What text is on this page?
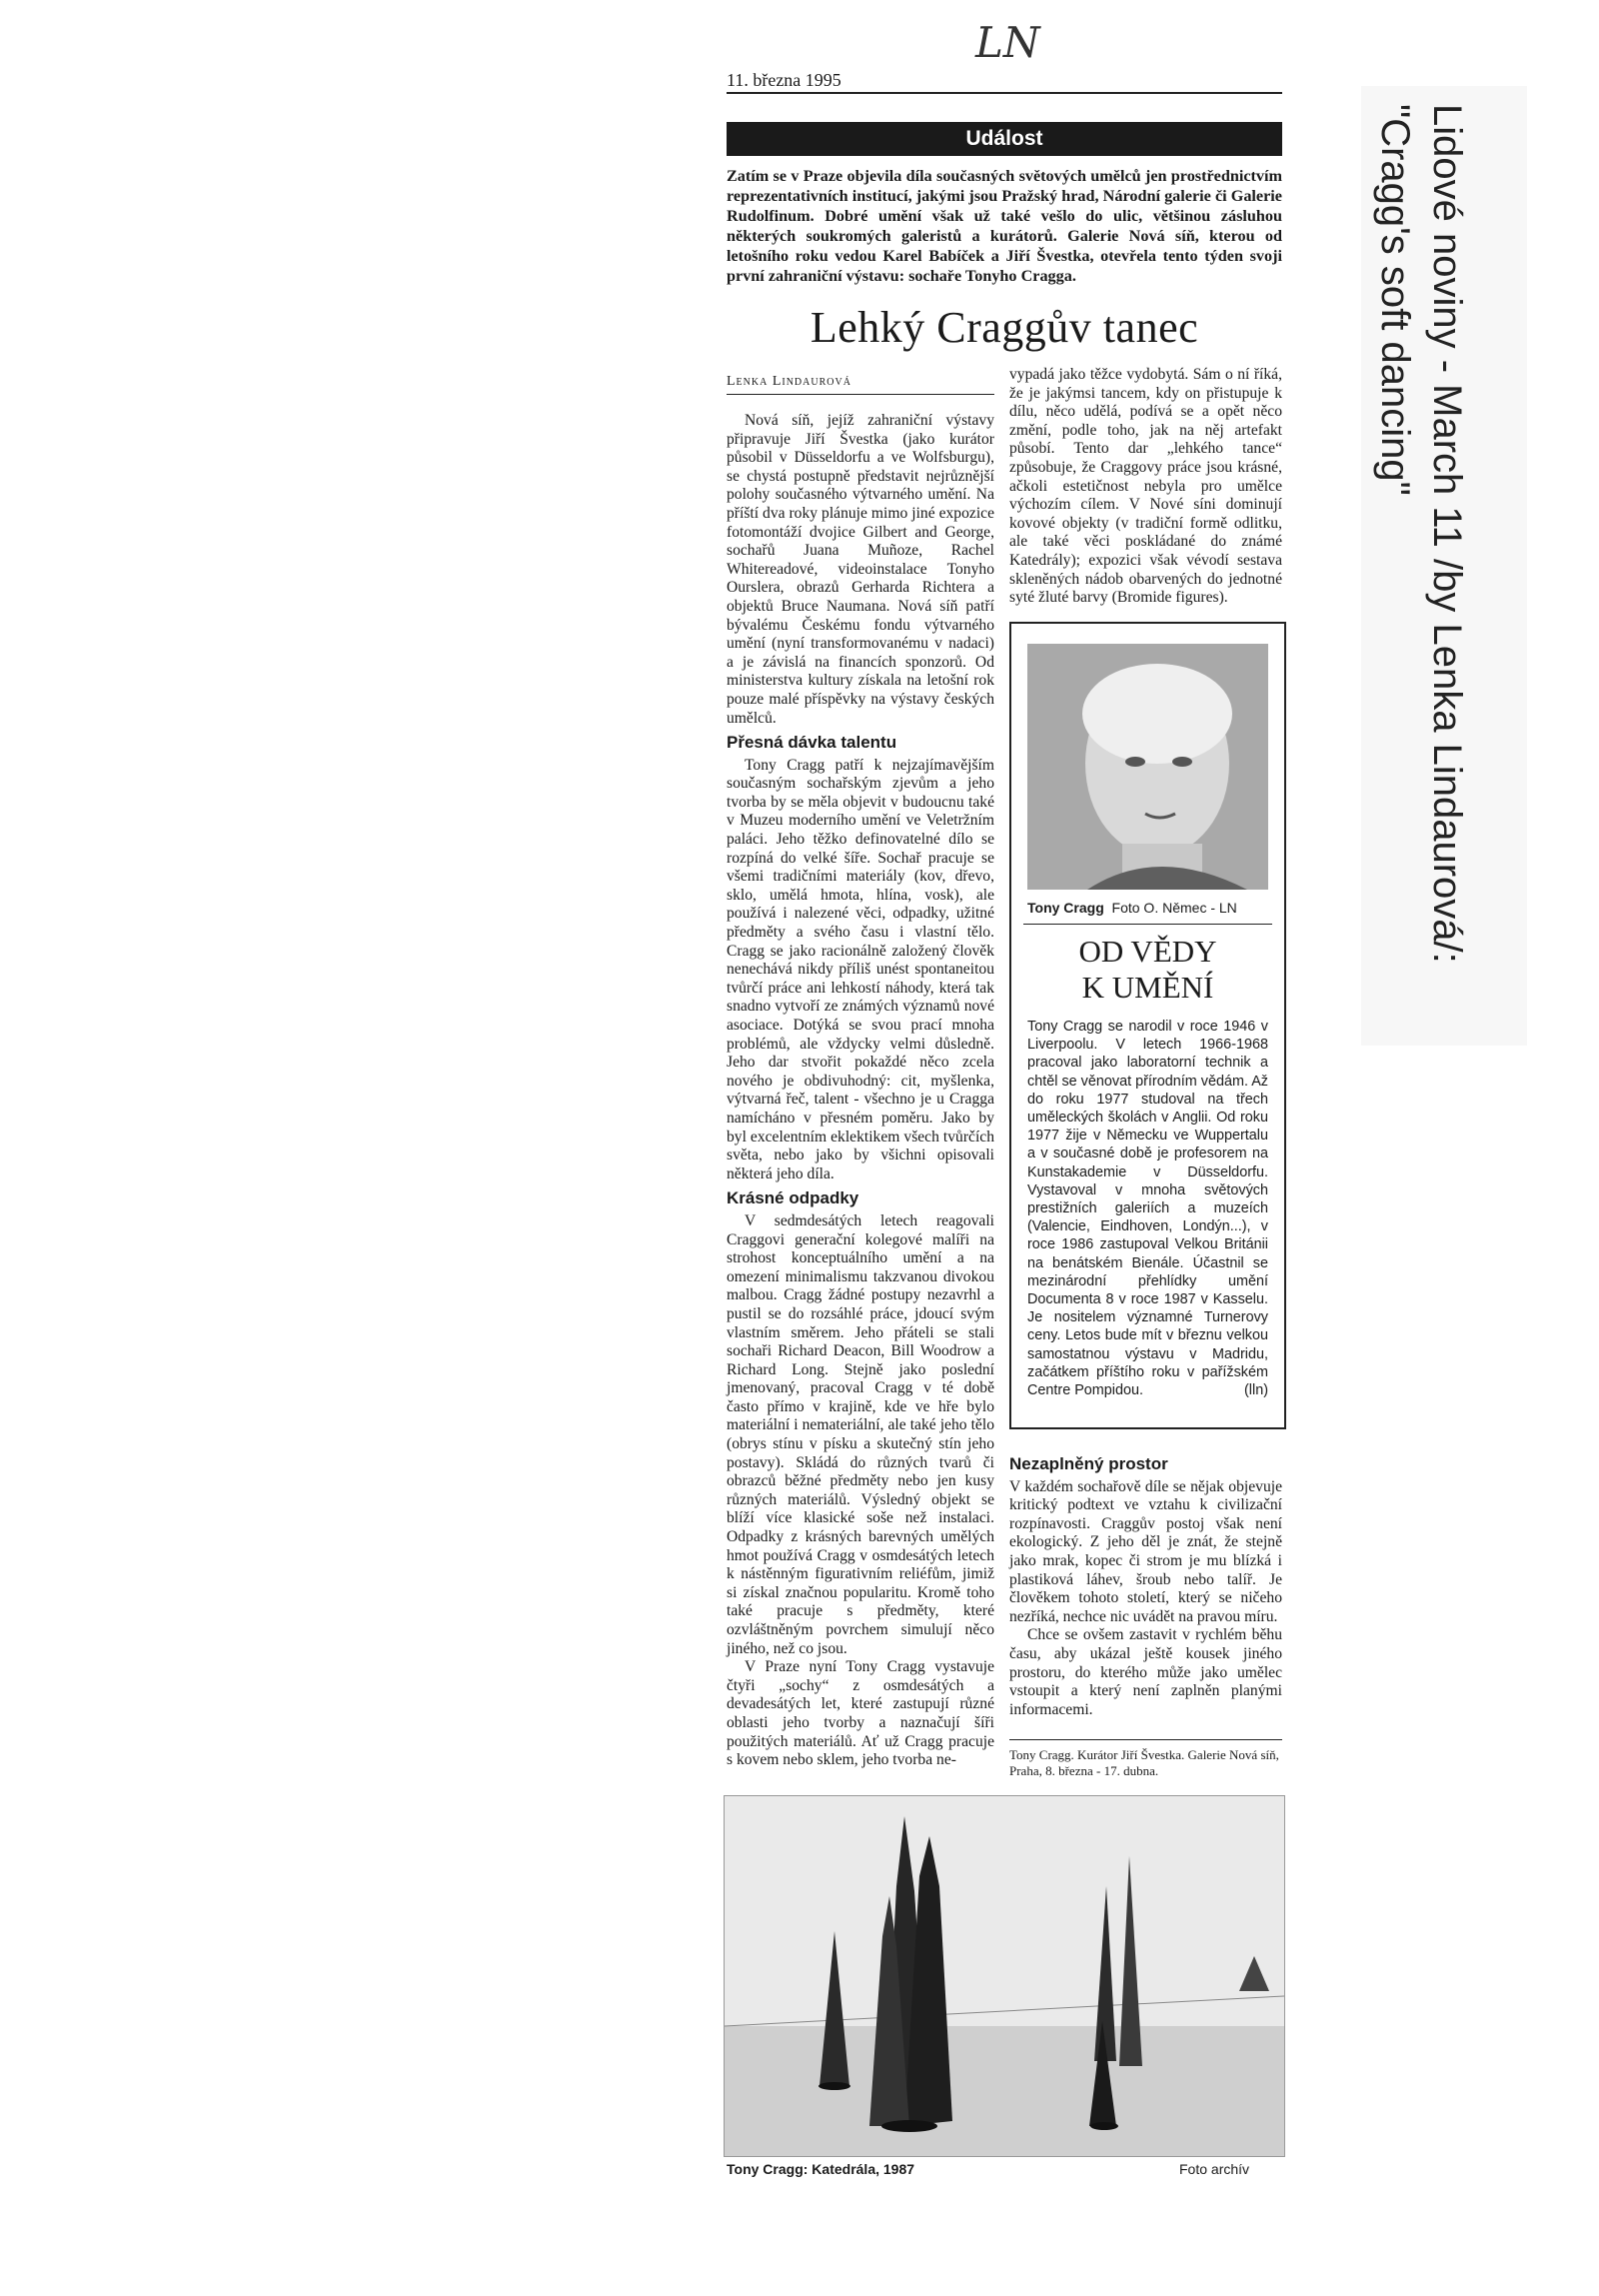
LN
11. března 1995
Událost
Zatím se v Praze objevila díla současných světových umělců jen prostřednictvím reprezentativních institucí, jakými jsou Pražský hrad, Národní galerie či Galerie Rudolfinum. Dobré umění však už také vešlo do ulic, většinou zásluhou některých soukromých galeristů a kurátorů. Galerie Nová síň, kterou od letošního roku vedou Karel Babíček a Jiří Švestka, otevřela tento týden svoji první zahraniční výstavu: sochaře Tonyho Cragga.
Lehký Craggův tanec
Lenka Lindaurová

Nová síň, jejíž zahraniční výstavy připravuje Jiří Švestka (jako kurátor působil v Düsseldorfu a ve Wolfsburgu), se chystá postupně představit nejrůznější polohy současného výtvarného umění. Na příští dva roky plánuje mimo jiné expozice fotomontáží dvojice Gilbert and George, sochařů Juana Muñoze, Rachel Whitereadové, videoinstalace Tonyho Ourslera, obrazů Gerharda Richtera a objektů Bruce Naumana. Nová síň patří bývalému Českému fondu výtvarného umění (nyní transformovanému v nadaci) a je závislá na financích sponzorů. Od ministerstva kultury získala na letošní rok pouze malé příspěvky na výstavy českých umělců.

Přesná dávka talentu

Tony Cragg patří k nejzajímavějším současným sochařským zjevům a jeho tvorba by se měla objevit v budoucnu také v Muzeu moderního umění ve Veletržním paláci. Jeho těžko definovatelné dílo se rozpíná do velké šíře. Sochař pracuje se všemi tradičními materiály (kov, dřevo, sklo, umělá hmota, hlína, vosk), ale používá i nalezené věci, odpadky, užitné předměty a svého času i vlastní tělo. Cragg se jako racionálně založený člověk nenechává nikdy příliš unést spontaneitou tvůrčí práce ani lehkostí náhody, která tak snadno vytvoří ze známých významů nové asociace. Dotýká se svou prací mnoha problémů, ale vždycky velmi důsledně. Jeho dar stvořit pokaždé něco zcela nového je obdivuhodný: cit, myšlenka, výtvarná řeč, talent - všechno je u Cragga namícháno v přesném poměru. Jako by byl excelentním eklektikem všech tvůrčích světa, nebo jako by všichni opisovali některá jeho díla.

Krásné odpadky

V sedmdesátých letech reagovali Craggovi generační kolegové malíři na strohost konceptuálního umění a na omezení minimalismu takzvanou divokou malbou. Cragg žádné postupy nezavrhl a pustil se do rozsáhlé práce, jdoucí svým vlastním směrem. Jeho přáteli se stali sochaři Richard Deacon, Bill Woodrow a Richard Long. Stejně jako poslední jmenovaný, pracoval Cragg v té době často přímo v krajině, kde ve hře bylo materiální i nemateriální, ale také jeho tělo (obrys stínu v písku a skutečný stín jeho postavy). Skládá do různých tvarů či obrazců běžné předměty nebo jen kusy různých materiálů. Výsledný objekt se blíží více klasické soše než instalaci. Odpadky z krásných barevných umělých hmot používá Cragg v osmdesátých letech k nástěnným figurativním reliéfům, jimiž si získal značnou popularitu. Kromě toho také pracuje s předměty, které ozvláštněným povrchem simulují něco jiného, než co jsou.

V Praze nyní Tony Cragg vystavuje čtyři „sochy“ z osmdesátých a devadesátých let, které zastupují různé oblasti jeho tvorby a naznačují šíři použitých materiálů. Ať už Cragg pracuje s kovem nebo sklem, jeho tvorba ne-

vypadá jako těžce vydobytá. Sám o ní říká, že je jakýmsi tancem, kdy on přistupuje k dílu, něco udělá, podívá se a opět něco změní, podle toho, jak na něj artefakt působí. Tento dar „lehkého tance“ způsobuje, že Craggovy práce jsou krásné, ačkoli estetičnost nebyla pro umělce výchozím cílem. V Nové síni dominují kovové objekty (v tradiční formě odlitku, ale také věci poskládané do známé Katedrály); expozici však vévodí sestava skleněných nádob obarvených do jednotné syté žluté barvy (Bromide figures).

Tony Cragg Foto O. Němec - LN
OD VĚDY
K UMĚNÍ
Tony Cragg se narodil v roce 1946 v Liverpoolu. V letech 1966-1968 pracoval jako laboratorní technik a chtěl se věnovat přírodním vědám. Až do roku 1977 studoval na třech uměleckých školách v Anglii. Od roku 1977 žije v Německu ve Wuppertalu a v současné době je profesorem na Kunstakademie v Düsseldorfu. Vystavoval v mnoha světových prestižních galeriích a muzeích (Valencie, Eindhoven, Londýn...), v roce 1986 zastupoval Velkou Británii na benátském Bienále. Účastnil se mezinárodní přehlídky umění Documenta 8 v roce 1987 v Kasselu. Je nositelem významné Turnerovy ceny. Letos bude mít v březnu velkou samostatnou výstavu v Madridu, začátkem příštího roku v pařížském Centre Pompidou.	(lln)
Nezaplněný prostor

V každém sochařově díle se nějak objevuje kritický podtext ve vztahu k civilizační rozpínavosti. Craggův postoj však není ekologický. Z jeho děl je znát, že stejně jako mrak, kopec či strom je mu blízká i plastiková láhev, šroub nebo talíř. Je člověkem tohoto století, který se ničeho nezříká, nechce nic uvádět na pravou míru.

Chce se ovšem zastavit v rychlém běhu času, aby ukázal ještě kousek jiného prostoru, do kterého může jako umělec vstoupit a který není zaplněn planými informacemi.

Tony Cragg. Kurátor Jiří Švestka. Galerie Nová síň, Praha, 8. března - 17. dubna.
Tony Cragg: Katedrála, 1987	Foto archív
Lidové noviny - March 11 /by Lenka Lindaurová/:
"Cragg's soft dancing"
